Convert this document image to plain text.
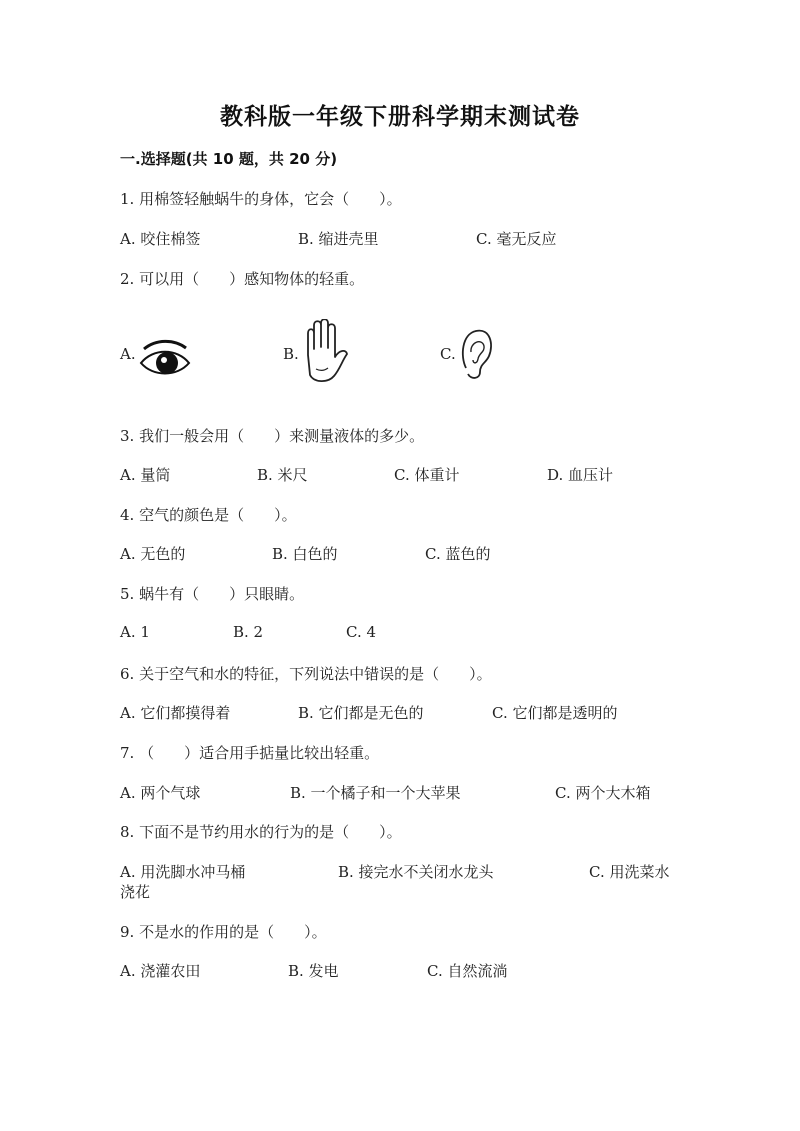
教科版一年级下册科学期末测试卷
一.选择题(共 10 题，共 20 分)
1. 用棉签轻触蜗牛的身体，它会（　　）。
A. 咬住棉签	B. 缩进壳里	C. 毫无反应
2. 可以用（　　）感知物体的轻重。
A.	B.	C.
3. 我们一般会用（　　）来测量液体的多少。
A. 量筒	B. 米尺	C. 体重计	D. 血压计
4. 空气的颜色是（　　）。
A. 无色的	B. 白色的	C. 蓝色的
5. 蜗牛有（　　）只眼睛。
A. 1	B. 2	C. 4
6. 关于空气和水的特征，下列说法中错误的是（　　）。
A. 它们都摸得着	B. 它们都是无色的	C. 它们都是透明的
7. （　　）适合用手掂量比较出轻重。
A. 两个气球	B. 一个橘子和一个大苹果	C. 两个大木箱
8. 下面不是节约用水的行为的是（　　）。
A. 用洗脚水冲马桶	B. 接完水不关闭水龙头	C. 用洗菜水
浇花
9. 不是水的作用的是（　　）。
A. 浇灌农田	B. 发电	C. 自然流淌
